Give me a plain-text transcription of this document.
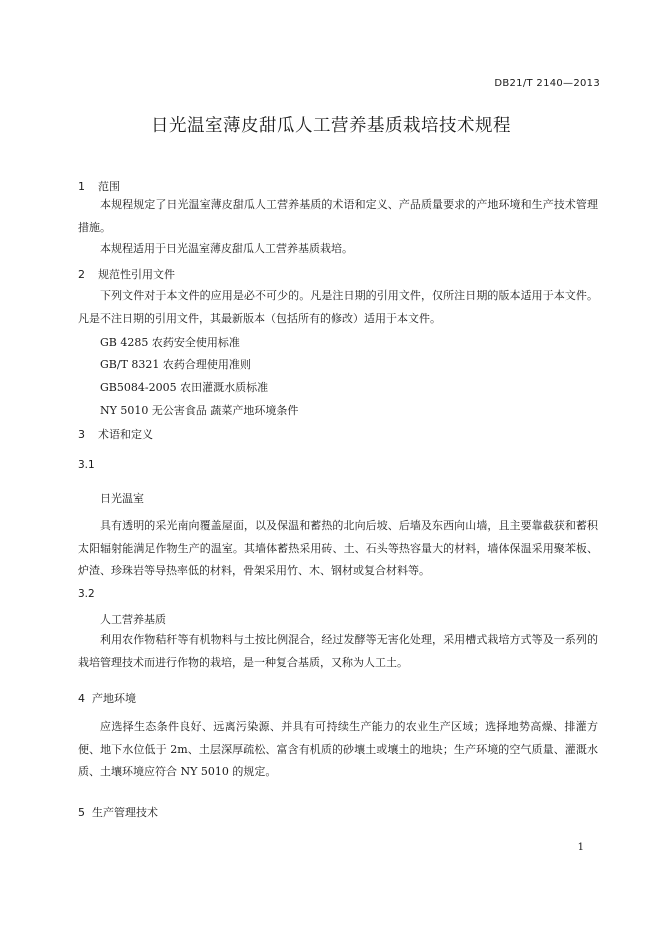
DB21/T 2140—2013
日光温室薄皮甜瓜人工营养基质栽培技术规程
1 范围

本规程规定了日光温室薄皮甜瓜人工营养基质的术语和定义、产品质量要求的产地环境和生产技术管理措施。

本规程适用于日光温室薄皮甜瓜人工营养基质栽培。

2 规范性引用文件

下列文件对于本文件的应用是必不可少的。凡是注日期的引用文件，仅所注日期的版本适用于本文件。凡是不注日期的引用文件，其最新版本（包括所有的修改）适用于本文件。

GB 4285 农药安全使用标准
GB/T 8321 农药合理使用准则
GB5084-2005 农田灌溉水质标准
NY 5010 无公害食品 蔬菜产地环境条件
3 术语和定义
3.1
日光温室

具有透明的采光南向覆盖屋面，以及保温和蓄热的北向后坡、后墙及东西向山墙，且主要靠截获和蓄积太阳辐射能满足作物生产的温室。其墙体蓄热采用砖、土、石头等热容量大的材料，墙体保温采用聚苯板、炉渣、珍珠岩等导热率低的材料，骨架采用竹、木、钢材或复合材料等。

3.2
人工营养基质

利用农作物秸秆等有机物料与土按比例混合，经过发酵等无害化处理，采用槽式栽培方式等及一系列的栽培管理技术而进行作物的栽培，是一种复合基质，又称为人工土。

4 产地环境

应选择生态条件良好、远离污染源、并具有可持续生产能力的农业生产区域；选择地势高燥、排灌方便、地下水位低于 2m、土层深厚疏松、富含有机质的砂壤土或壤土的地块；生产环境的空气质量、灌溉水质、土壤环境应符合 NY 5010 的规定。

5 生产管理技术
1
